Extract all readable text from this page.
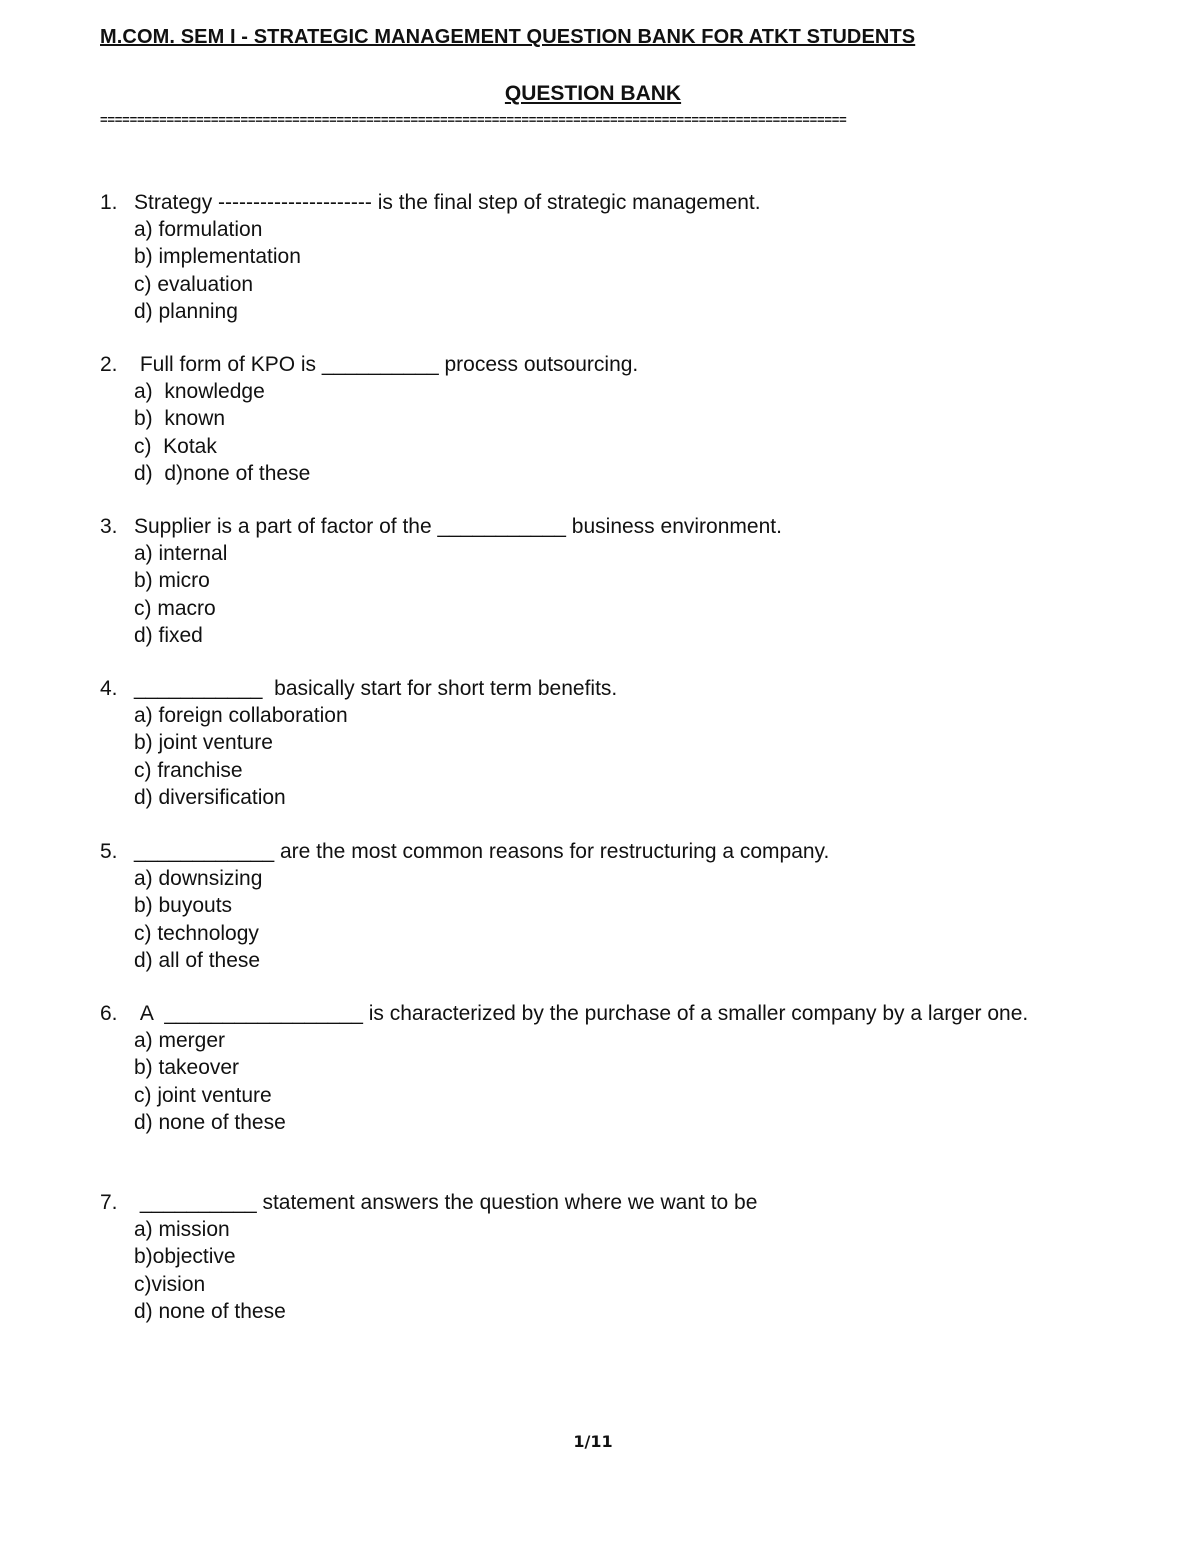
M.COM. SEM I - STRATEGIC MANAGEMENT QUESTION BANK FOR ATKT STUDENTS
QUESTION BANK
=====================================================================================================
1. Strategy ---------------------- is the final step of strategic management.
a) formulation
b) implementation
c) evaluation
d) planning
2. Full form of KPO is __________ process outsourcing.
a)  knowledge
b)  known
c)  Kotak
d)  d)none of these
3. Supplier is a part of factor of the ___________ business environment.
a) internal
b) micro
c) macro
d) fixed
4. ___________  basically start for short term benefits.
a) foreign collaboration
b) joint venture
c) franchise
d) diversification
5. ____________ are the most common reasons for restructuring a company.
a) downsizing
b) buyouts
c) technology
d) all of these
6. A  _________________ is characterized by the purchase of a smaller company by a larger one.
a) merger
b) takeover
c) joint venture
d) none of these
7. __________ statement answers the question where we want to be
a) mission
b)objective
c)vision
d) none of these
1/11
